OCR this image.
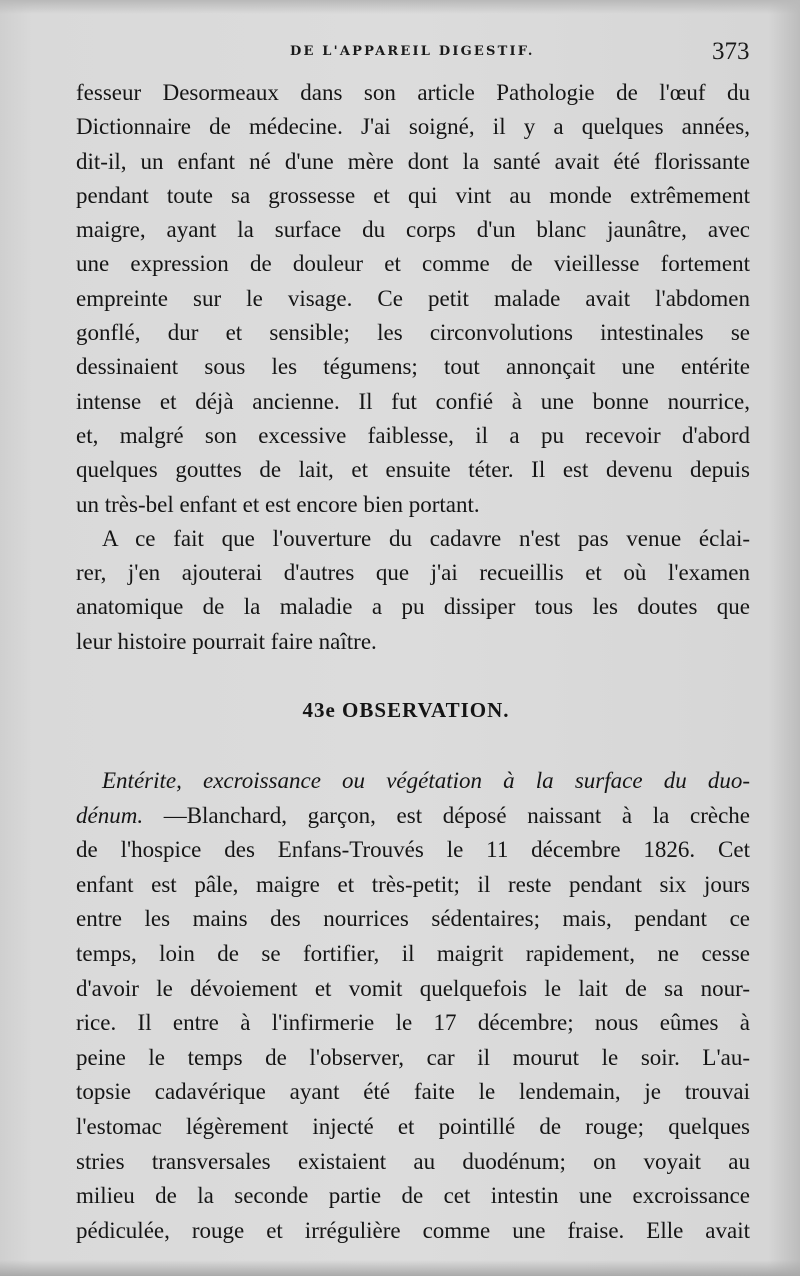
DE L'APPAREIL DIGESTIF.	373
fesseur Desormeaux dans son article Pathologie de l'œuf du
Dictionnaire de médecine. J'ai soigné, il y a quelques années,
dit-il, un enfant né d'une mère dont la santé avait été florissante
pendant toute sa grossesse et qui vint au monde extrêmement
maigre, ayant la surface du corps d'un blanc jaunâtre, avec
une expression de douleur et comme de vieillesse fortement
empreinte sur le visage. Ce petit malade avait l'abdomen
gonflé, dur et sensible; les circonvolutions intestinales se
dessinaient sous les tégumens; tout annonçait une entérite
intense et déjà ancienne. Il fut confié à une bonne nourrice,
et, malgré son excessive faiblesse, il a pu recevoir d'abord
quelques gouttes de lait, et ensuite téter. Il est devenu depuis
un très-bel enfant et est encore bien portant.
A ce fait que l'ouverture du cadavre n'est pas venue éclai-
rer, j'en ajouterai d'autres que j'ai recueillis et où l'examen
anatomique de la maladie a pu dissiper tous les doutes que
leur histoire pourrait faire naître.
43e OBSERVATION.
Entérite, excroissance ou végétation à la surface du duo-
dénum. —Blanchard, garçon, est déposé naissant à la crèche
de l'hospice des Enfans-Trouvés le 11 décembre 1826. Cet
enfant est pâle, maigre et très-petit; il reste pendant six jours
entre les mains des nourrices sédentaires; mais, pendant ce
temps, loin de se fortifier, il maigrit rapidement, ne cesse
d'avoir le dévoiement et vomit quelquefois le lait de sa nour-
rice. Il entre à l'infirmerie le 17 décembre; nous eûmes à
peine le temps de l'observer, car il mourut le soir. L'au-
topsie cadavérique ayant été faite le lendemain, je trouvai
l'estomac légèrement injecté et pointillé de rouge; quelques
stries transversales existaient au duodénum; on voyait au
milieu de la seconde partie de cet intestin une excroissance
pédiculée, rouge et irrégulière comme une fraise. Elle avait
